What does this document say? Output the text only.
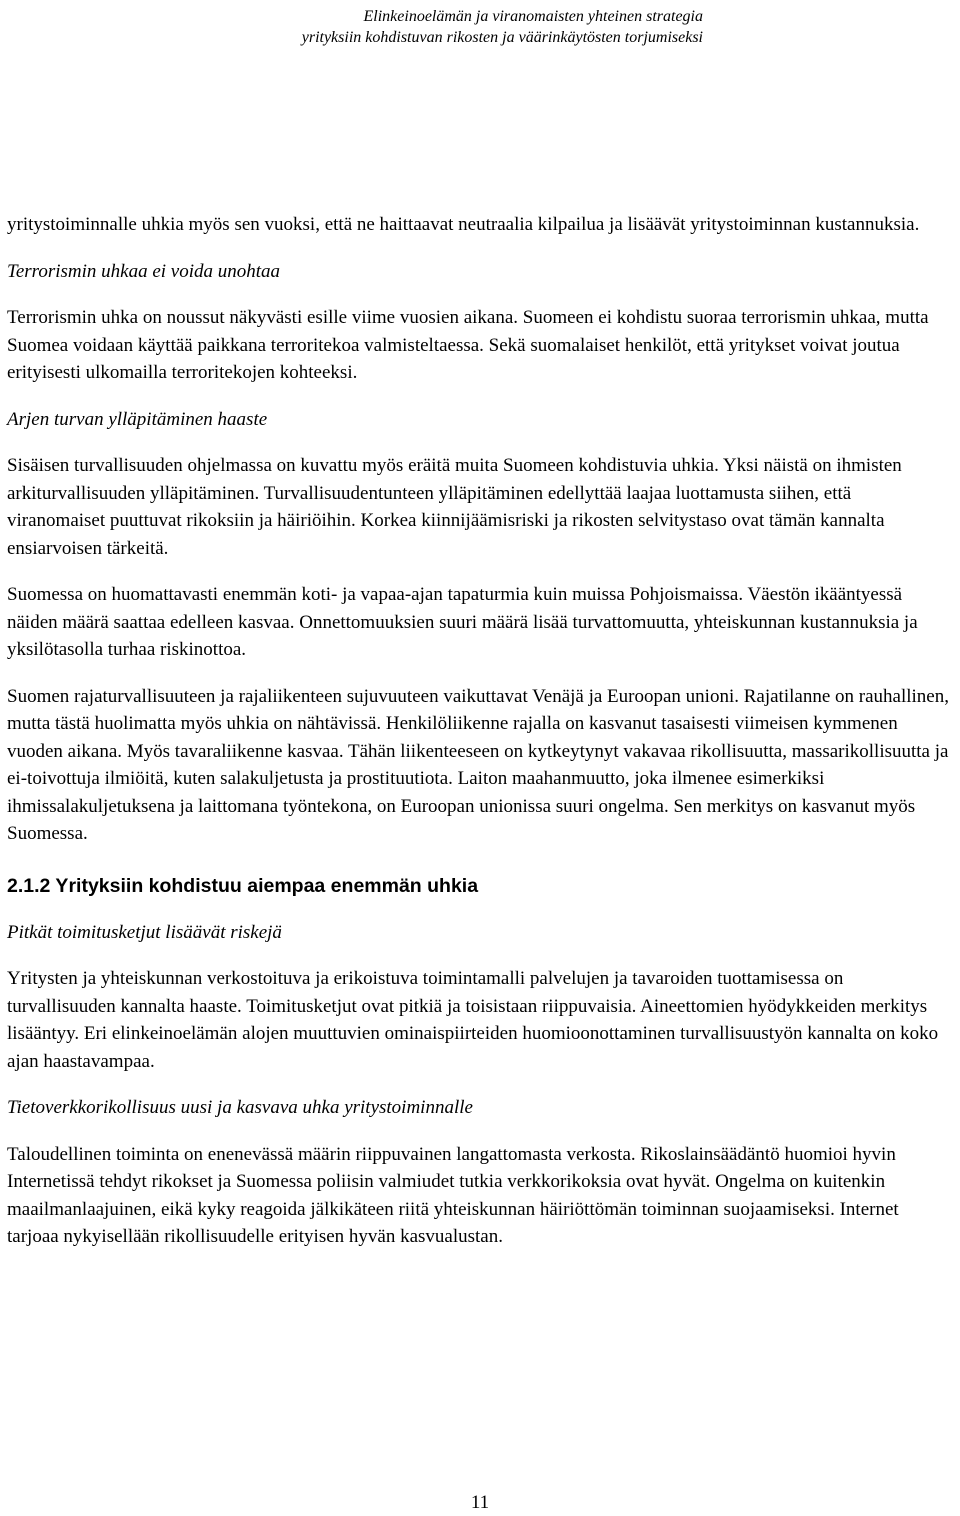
Elinkeinoelämän ja viranomaisten yhteinen strategia
yrityksiin kohdistuvan rikosten ja väärinkäytösten torjumiseksi

yritystoiminnalle uhkia myös sen vuoksi, että ne haittaavat neutraalia kilpailua ja lisäävät yritystoiminnan kustannuksia.

Terrorismin uhkaa ei voida unohtaa

Terrorismin uhka on noussut näkyvästi esille viime vuosien aikana. Suomeen ei kohdistu suoraa terrorismin uhkaa, mutta Suomea voidaan käyttää paikkana terroritekoa valmisteltaessa. Sekä suomalaiset henkilöt, että yritykset voivat joutua erityisesti ulkomailla terroritekojen kohteeksi.

Arjen turvan ylläpitäminen haaste

Sisäisen turvallisuuden ohjelmassa on kuvattu myös eräitä muita Suomeen kohdistuvia uhkia. Yksi näistä on ihmisten arkiturvallisuuden ylläpitäminen. Turvallisuudentunteen ylläpitäminen edellyttää laajaa luottamusta siihen, että viranomaiset puuttuvat rikoksiin ja häiriöihin. Korkea kiinnijäämisriski ja rikosten selvitystaso ovat tämän kannalta ensiarvoisen tärkeitä.

Suomessa on huomattavasti enemmän koti- ja vapaa-ajan tapaturmia kuin muissa Pohjoismaissa. Väestön ikääntyessä näiden määrä saattaa edelleen kasvaa. Onnettomuuksien suuri määrä lisää turvattomuutta, yhteiskunnan kustannuksia ja yksilötasolla turhaa riskinottoa.

Suomen rajaturvallisuuteen ja rajaliikenteen sujuvuuteen vaikuttavat Venäjä ja Euroopan unioni. Rajatilanne on rauhallinen, mutta tästä huolimatta myös uhkia on nähtävissä. Henkilöliikenne rajalla on kasvanut tasaisesti viimeisen kymmenen vuoden aikana. Myös tavaraliikenne kasvaa. Tähän liikenteeseen on kytkeytynyt vakavaa rikollisuutta, massarikollisuutta ja ei-toivottuja ilmiöitä, kuten salakuljetusta ja prostituutiota. Laiton maahanmuutto, joka ilmenee esimerkiksi ihmissalakuljetuksena ja laittomana työntekona, on Euroopan unionissa suuri ongelma. Sen merkitys on kasvanut myös Suomessa.

2.1.2 Yrityksiin kohdistuu aiempaa enemmän uhkia

Pitkät toimitusketjut lisäävät riskejä

Yritysten ja yhteiskunnan verkostoituva ja erikoistuva toimintamalli palvelujen ja tavaroiden tuottamisessa on turvallisuuden kannalta haaste. Toimitusketjut ovat pitkiä ja toisistaan riippuvaisia. Aineettomien hyödykkeiden merkitys lisääntyy. Eri elinkeinoelämän alojen muuttuvien ominaispiirteiden huomioonottaminen turvallisuustyön kannalta on koko ajan haastavampaa.

Tietoverkkorikollisuus uusi ja kasvava uhka yritystoiminnalle

Taloudellinen toiminta on enenevässä määrin riippuvainen langattomasta verkosta. Rikoslainsäädäntö huomioi hyvin Internetissä tehdyt rikokset ja Suomessa poliisin valmiudet tutkia verkkorikoksia ovat hyvät. Ongelma on kuitenkin maailmanlaajuinen, eikä kyky reagoida jälkikäteen riitä yhteiskunnan häiriöttömän toiminnan suojaamiseksi. Internet tarjoaa nykyisellään rikollisuudelle erityisen hyvän kasvualustan.

11
